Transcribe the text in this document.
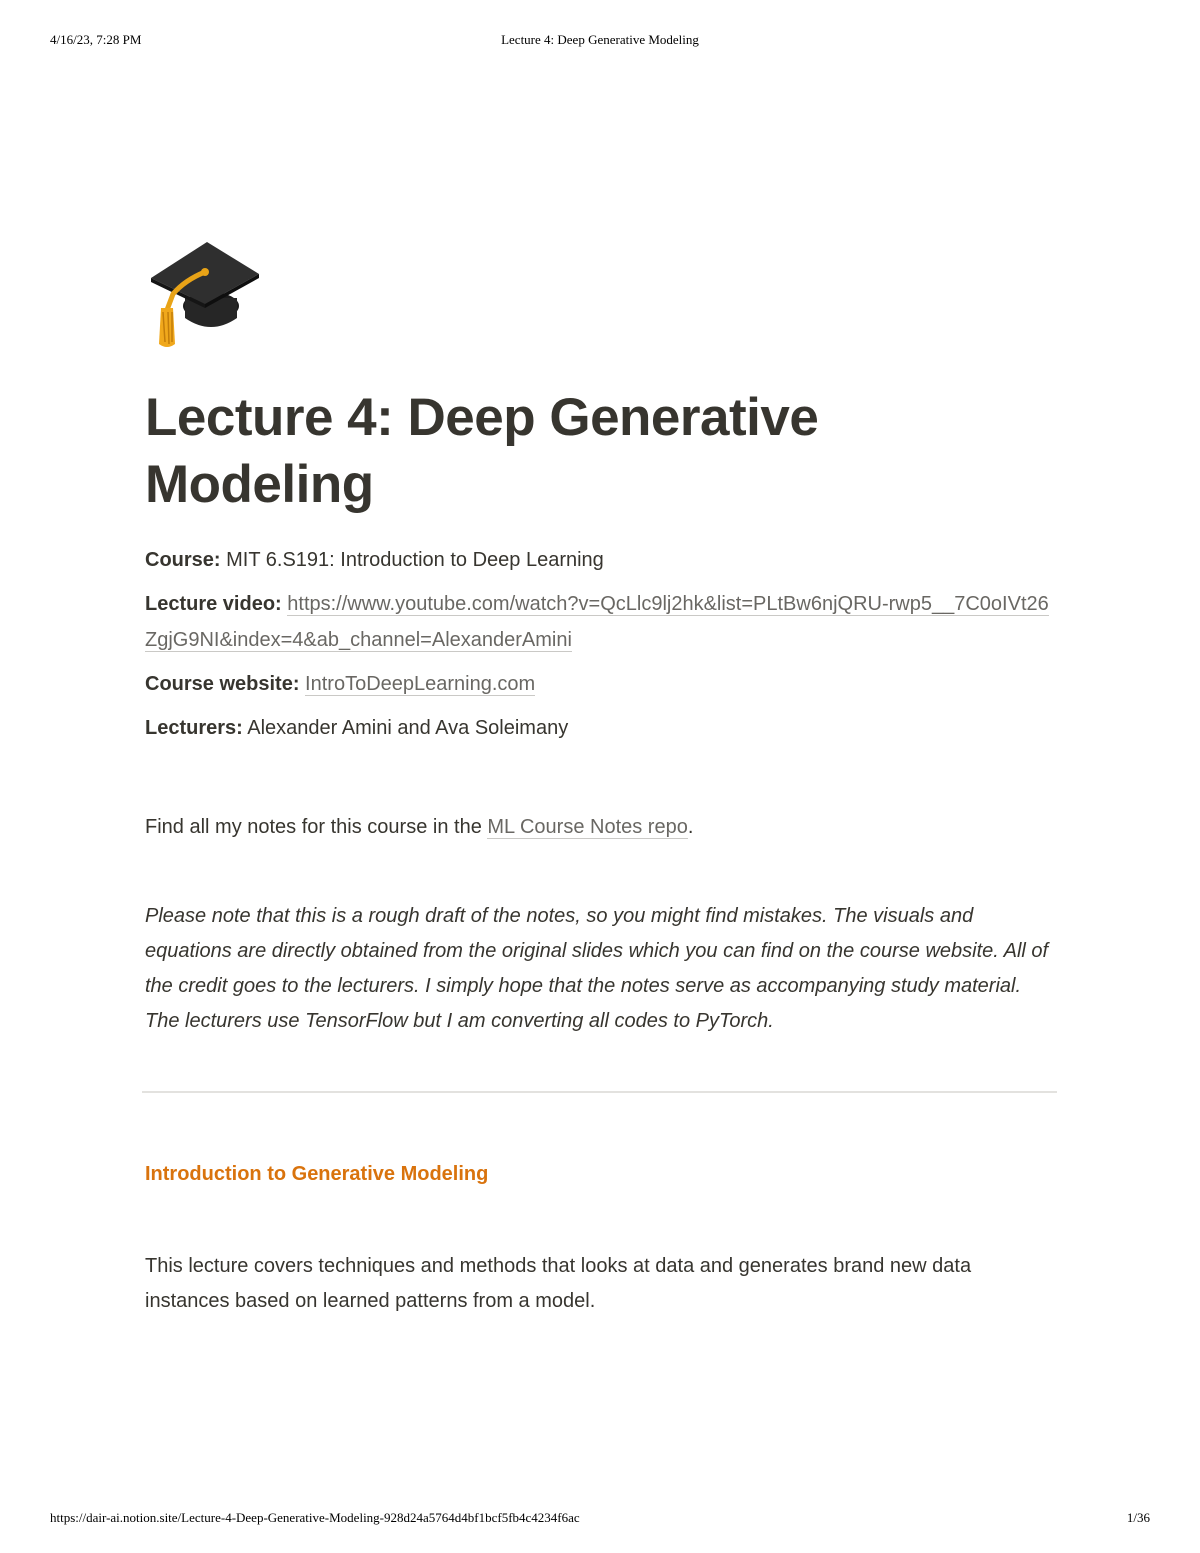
4/16/23, 7:28 PM	Lecture 4: Deep Generative Modeling
Lecture 4: Deep Generative Modeling

Course: MIT 6.S191: Introduction to Deep Learning

Lecture video: https://www.youtube.com/watch?v=QcLlc9lj2hk&list=PLtBw6njQRU-rwp5__7C0oIVt26ZgjG9NI&index=4&ab_channel=AlexanderAmini

Course website: IntroToDeepLearning.com

Lecturers: Alexander Amini and Ava Soleimany

Find all my notes for this course in the ML Course Notes repo.

Please note that this is a rough draft of the notes, so you might find mistakes. The visuals and equations are directly obtained from the original slides which you can find on the course website. All of the credit goes to the lecturers. I simply hope that the notes serve as accompanying study material. The lecturers use TensorFlow but I am converting all codes to PyTorch.

Introduction to Generative Modeling

This lecture covers techniques and methods that looks at data and generates brand new data instances based on learned patterns from a model.

https://dair-ai.notion.site/Lecture-4-Deep-Generative-Modeling-928d24a5764d4bf1bcf5fb4c4234f6ac	1/36
